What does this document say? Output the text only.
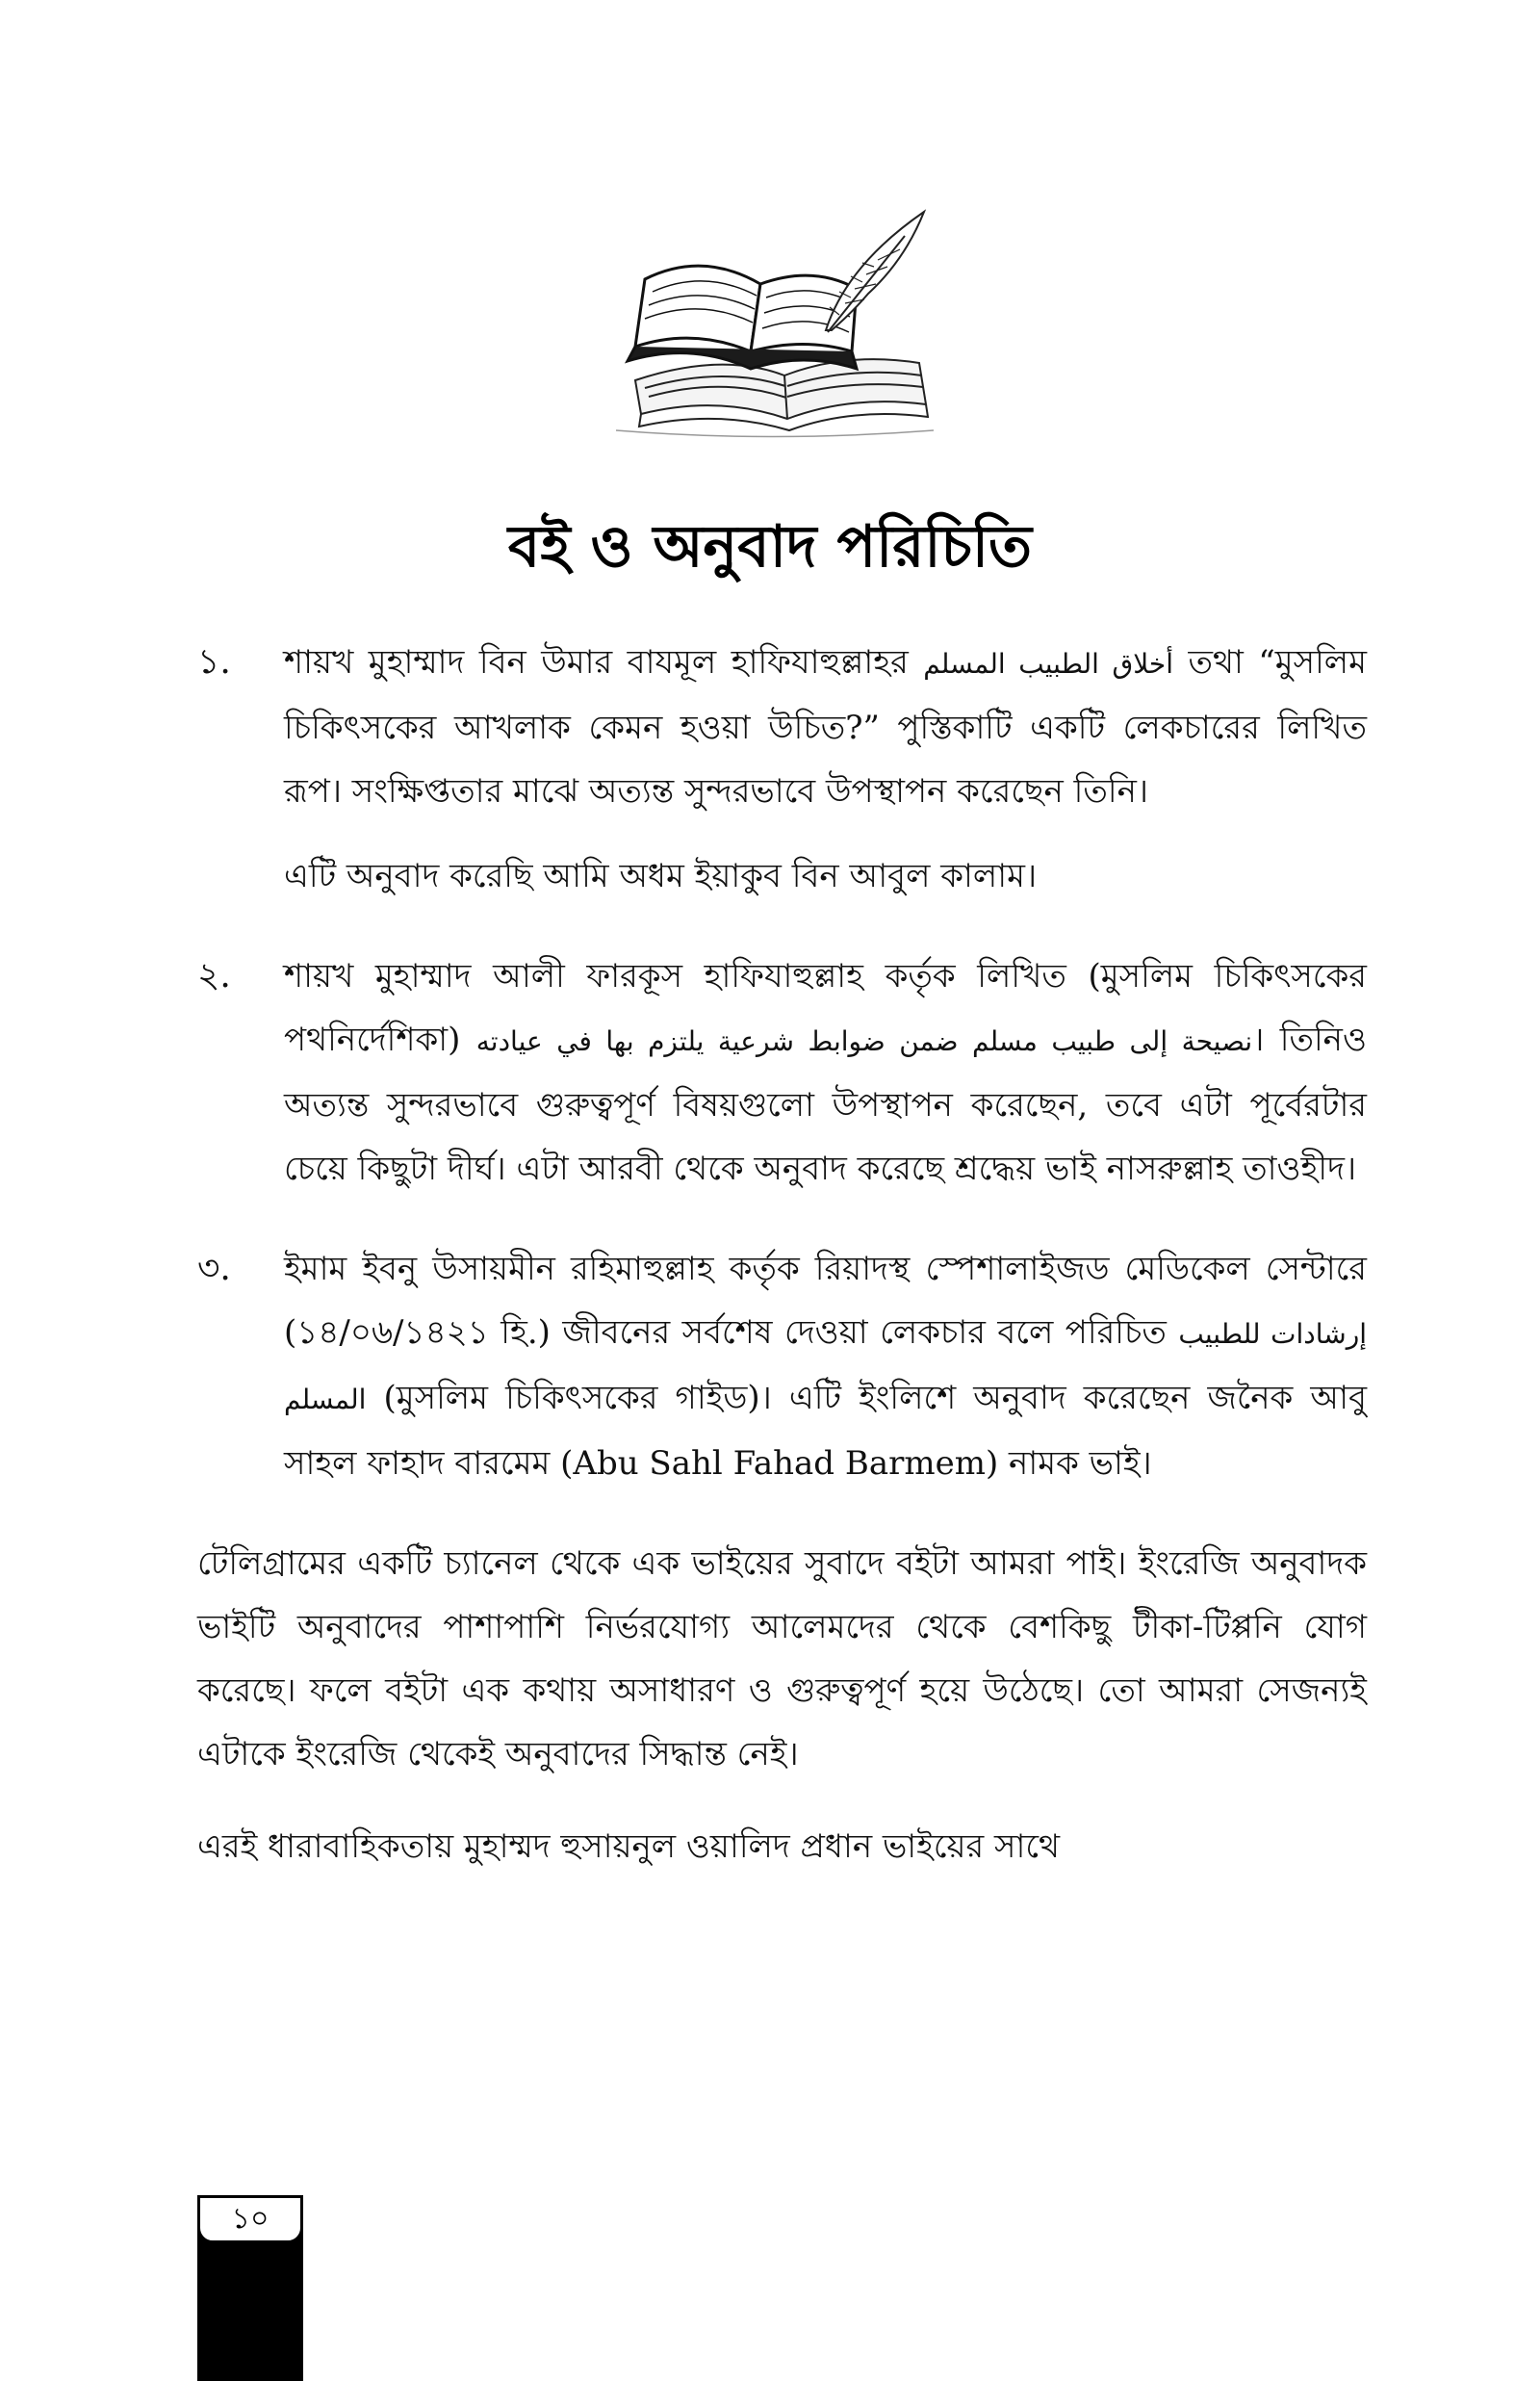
বই ও অনুবাদ পরিচিতি
১. শায়খ মুহাম্মাদ বিন উমার বাযমূল হাফিযাহুল্লাহর أخلاق الطبيب المسلم তথা “মুসলিম চিকিৎসকের আখলাক কেমন হওয়া উচিত?” পুস্তিকাটি একটি লেকচারের লিখিত রূপ। সংক্ষিপ্ততার মাঝে অত্যন্ত সুন্দরভাবে উপস্থাপন করেছেন তিনি।

এটি অনুবাদ করেছি আমি অধম ইয়াকুব বিন আবুল কালাম।

২. শায়খ মুহাম্মাদ আলী ফারকূস হাফিযাহুল্লাহ কর্তৃক লিখিত (মুসলিম চিকিৎসকের পথনির্দেশিকা) نصيحة إلى طبيب مسلم ضمن ضوابط شرعية يلتزم بها في عيادته। তিনিও অত্যন্ত সুন্দরভাবে গুরুত্বপূর্ণ বিষয়গুলো উপস্থাপন করেছেন, তবে এটা পূর্বেরটার চেয়ে কিছুটা দীর্ঘ। এটা আরবী থেকে অনুবাদ করেছে শ্রদ্ধেয় ভাই নাসরুল্লাহ তাওহীদ।

৩. ইমাম ইবনু উসায়মীন রহিমাহুল্লাহ কর্তৃক রিয়াদস্থ স্পেশালাইজড মেডিকেল সেন্টারে (১৪/০৬/১৪২১ হি.) জীবনের সর্বশেষ দেওয়া লেকচার বলে পরিচিত إرشادات للطبيب المسلم (মুসলিম চিকিৎসকের গাইড)। এটি ইংলিশে অনুবাদ করেছেন জনৈক আবু সাহল ফাহাদ বারমেম (Abu Sahl Fahad Barmem) নামক ভাই।

টেলিগ্রামের একটি চ্যানেল থেকে এক ভাইয়ের সুবাদে বইটা আমরা পাই। ইংরেজি অনুবাদক ভাইটি অনুবাদের পাশাপাশি নির্ভরযোগ্য আলেমদের থেকে বেশকিছু টীকা-টিপ্পনি যোগ করেছে। ফলে বইটা এক কথায় অসাধারণ ও গুরুত্বপূর্ণ হয়ে উঠেছে। তো আমরা সেজন্যই এটাকে ইংরেজি থেকেই অনুবাদের সিদ্ধান্ত নেই।

এরই ধারাবাহিকতায় মুহাম্মদ হুসায়নুল ওয়ালিদ প্রধান ভাইয়ের সাথে

১০
